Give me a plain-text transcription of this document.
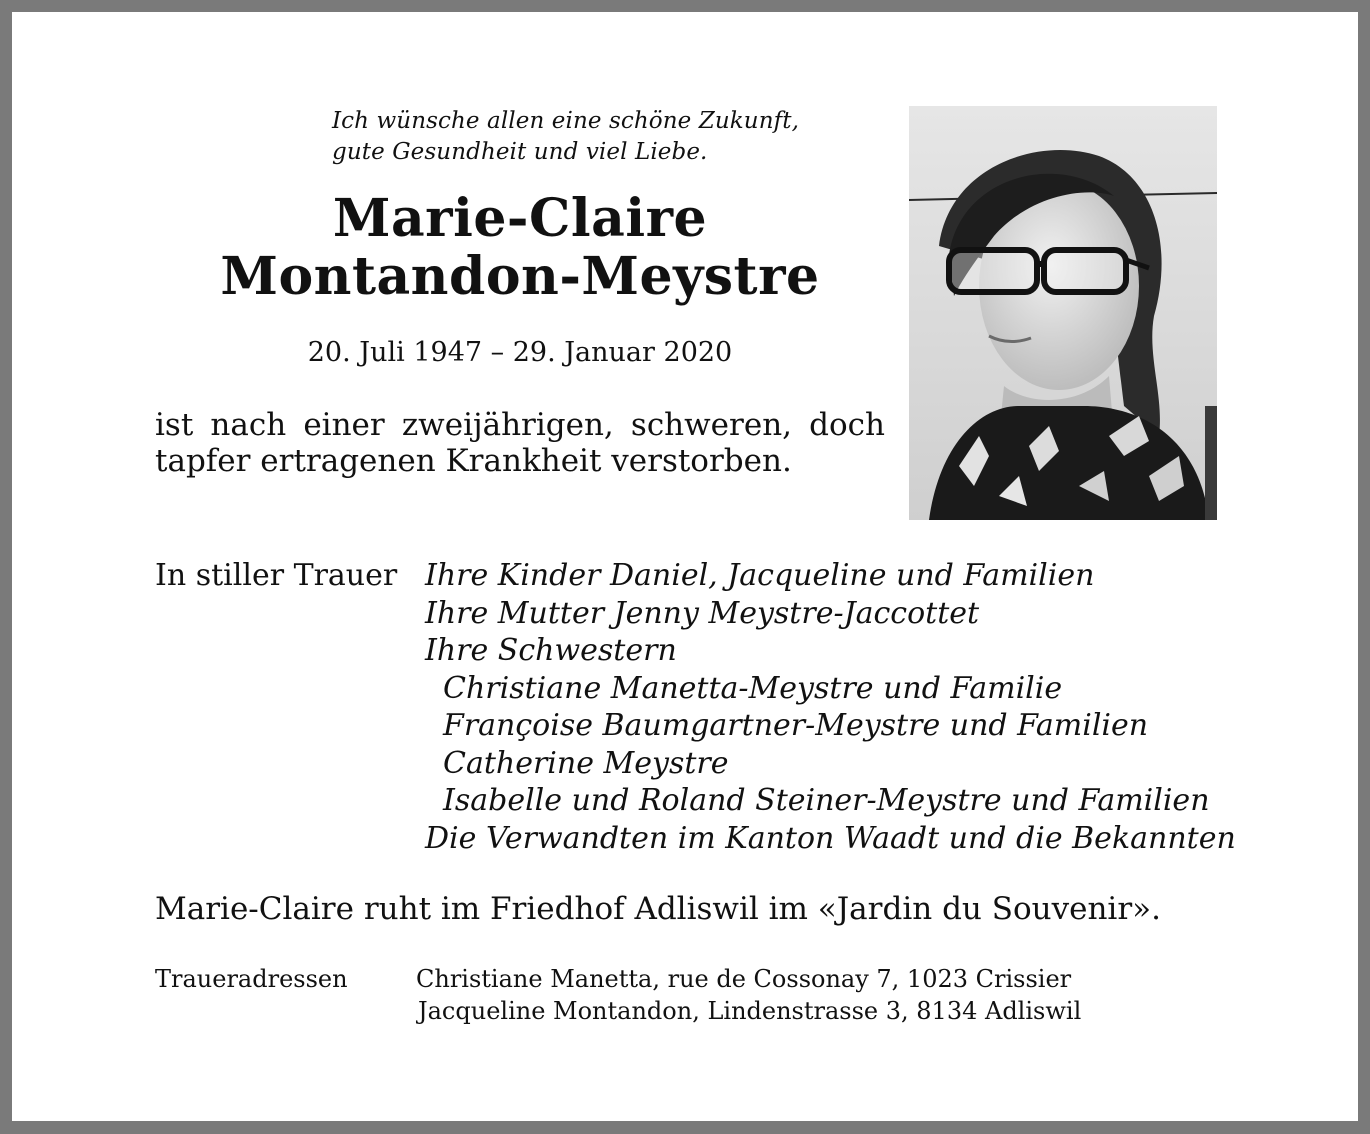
Ich wünsche allen eine schöne Zukunft,
gute Gesundheit und viel Liebe.
Marie-Claire
Montandon-Meystre
20. Juli 1947 – 29. Januar 2020
ist nach einer zweijährigen, schweren, doch
tapfer ertragenen Krankheit verstorben.
In stiller Trauer Ihre Kinder Daniel, Jacqueline und Familien
Ihre Mutter Jenny Meystre-Jaccottet
Ihre Schwestern
Christiane Manetta-Meystre und Familie
Françoise Baumgartner-Meystre und Familien
Catherine Meystre
Isabelle und Roland Steiner-Meystre und Familien
Die Verwandten im Kanton Waadt und die Bekannten
Marie-Claire ruht im Friedhof Adliswil im «Jardin du Souvenir».
Traueradressen	Christiane Manetta, rue de Cossonay 7, 1023 Crissier
Jacqueline Montandon, Lindenstrasse 3, 8134 Adliswil
